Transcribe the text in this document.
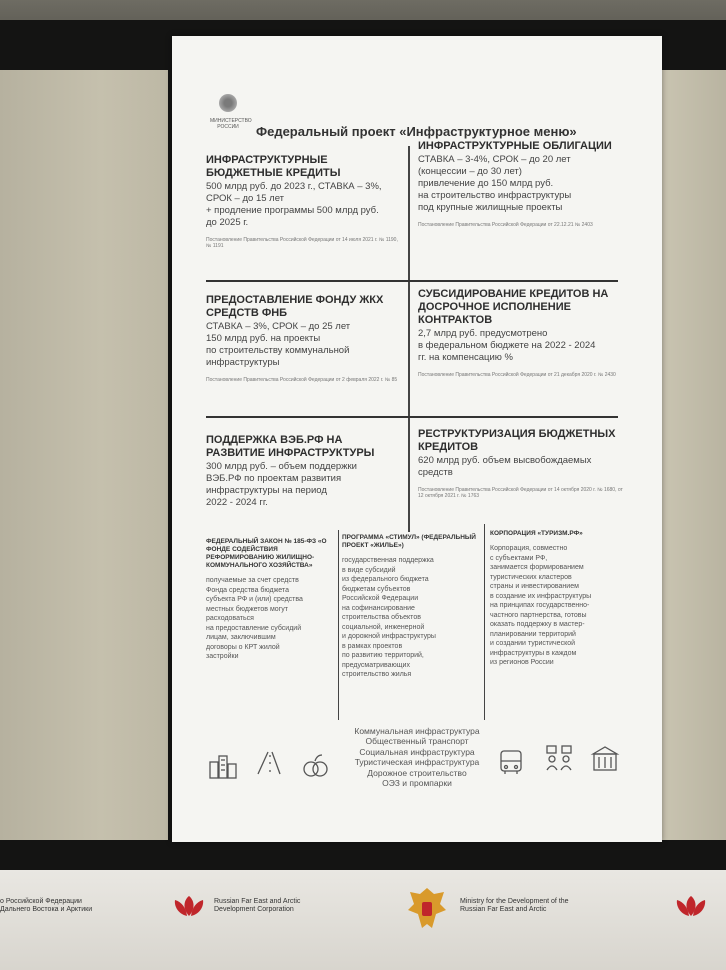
МИНИСТЕРСТВО РОССИИ	Федеральный проект «Инфраструктурное меню»
ИНФРАСТРУКТУРНЫЕ БЮДЖЕТНЫЕ КРЕДИТЫ
500 млрд руб. до 2023 г., СТАВКА – 3%,
СРОК – до 15 лет
+ продление программы 500 млрд руб.
до 2025 г.
Постановление Правительства Российской Федерации от 14 июля 2021 г. № 1190, № 1191
ИНФРАСТРУКТУРНЫЕ ОБЛИГАЦИИ
СТАВКА – 3-4%, СРОК – до 20 лет
(концессии – до 30 лет)
привлечение до 150 млрд руб.
на строительство инфраструктуры
под крупные жилищные проекты
Постановление Правительства Российской Федерации от 22.12.21 № 2403
ПРЕДОСТАВЛЕНИЕ ФОНДУ ЖКХ СРЕДСТВ ФНБ
СТАВКА – 3%, СРОК – до 25 лет
150 млрд руб. на проекты
по строительству коммунальной
инфраструктуры
Постановление Правительства Российской Федерации от 2 февраля 2022 г. № 85
СУБСИДИРОВАНИЕ КРЕДИТОВ НА ДОСРОЧНОЕ ИСПОЛНЕНИЕ КОНТРАКТОВ
2,7 млрд руб. предусмотрено
в федеральном бюджете на 2022 - 2024
гг. на компенсацию %
Постановление Правительства Российской Федерации от 21 декабря 2020 г. № 2430
ПОДДЕРЖКА ВЭБ.РФ НА РАЗВИТИЕ ИНФРАСТРУКТУРЫ
300 млрд руб. – объем поддержки
ВЭБ.РФ по проектам развития
инфраструктуры на период
2022 - 2024 гг.
РЕСТРУКТУРИЗАЦИЯ БЮДЖЕТНЫХ КРЕДИТОВ
620 млрд руб. объем высвобождаемых
средств
Постановление Правительства Российской Федерации от 14 октября 2020 г. № 1680, от 12 октября 2021 г. № 1763
ФЕДЕРАЛЬНЫЙ ЗАКОН № 185-ФЗ «О ФОНДЕ СОДЕЙСТВИЯ РЕФОРМИРОВАНИЮ ЖИЛИЩНО-КОММУНАЛЬНОГО ХОЗЯЙСТВА»
получаемые за счет средств
Фонда средства бюджета
субъекта РФ и (или) средства
местных бюджетов могут
расходоваться
на предоставление субсидий
лицам, заключившим
договоры о КРТ жилой
застройки
ПРОГРАММА «СТИМУЛ» (ФЕДЕРАЛЬНЫЙ ПРОЕКТ «ЖИЛЬЕ»)
государственная поддержка
в виде субсидий
из федерального бюджета
бюджетам субъектов
Российской Федерации
на софинансирование
строительства объектов
социальной, инженерной
и дорожной инфраструктуры
в рамках проектов
по развитию территорий,
предусматривающих
строительство жилья
КОРПОРАЦИЯ «ТУРИЗМ.РФ»
Корпорация, совместно
с субъектами РФ,
занимается формированием
туристических кластеров
страны и инвестированием
в создание их инфраструктуры
на принципах государственно-
частного партнерства, готовы
оказать поддержку в мастер-
планировании территорий
и создании туристической
инфраструктуры в каждом
из регионов России
Коммунальная инфраструктура
Общественный транспорт
Социальная инфраструктура
Туристическая инфраструктура
Дорожное строительство
ОЭЗ и промпарки
о Российской Федерации
Дальнего Востока и Арктики
Russian Far East and Arctic
Development Corporation
Ministry for the Development of the
Russian Far East and Arctic
